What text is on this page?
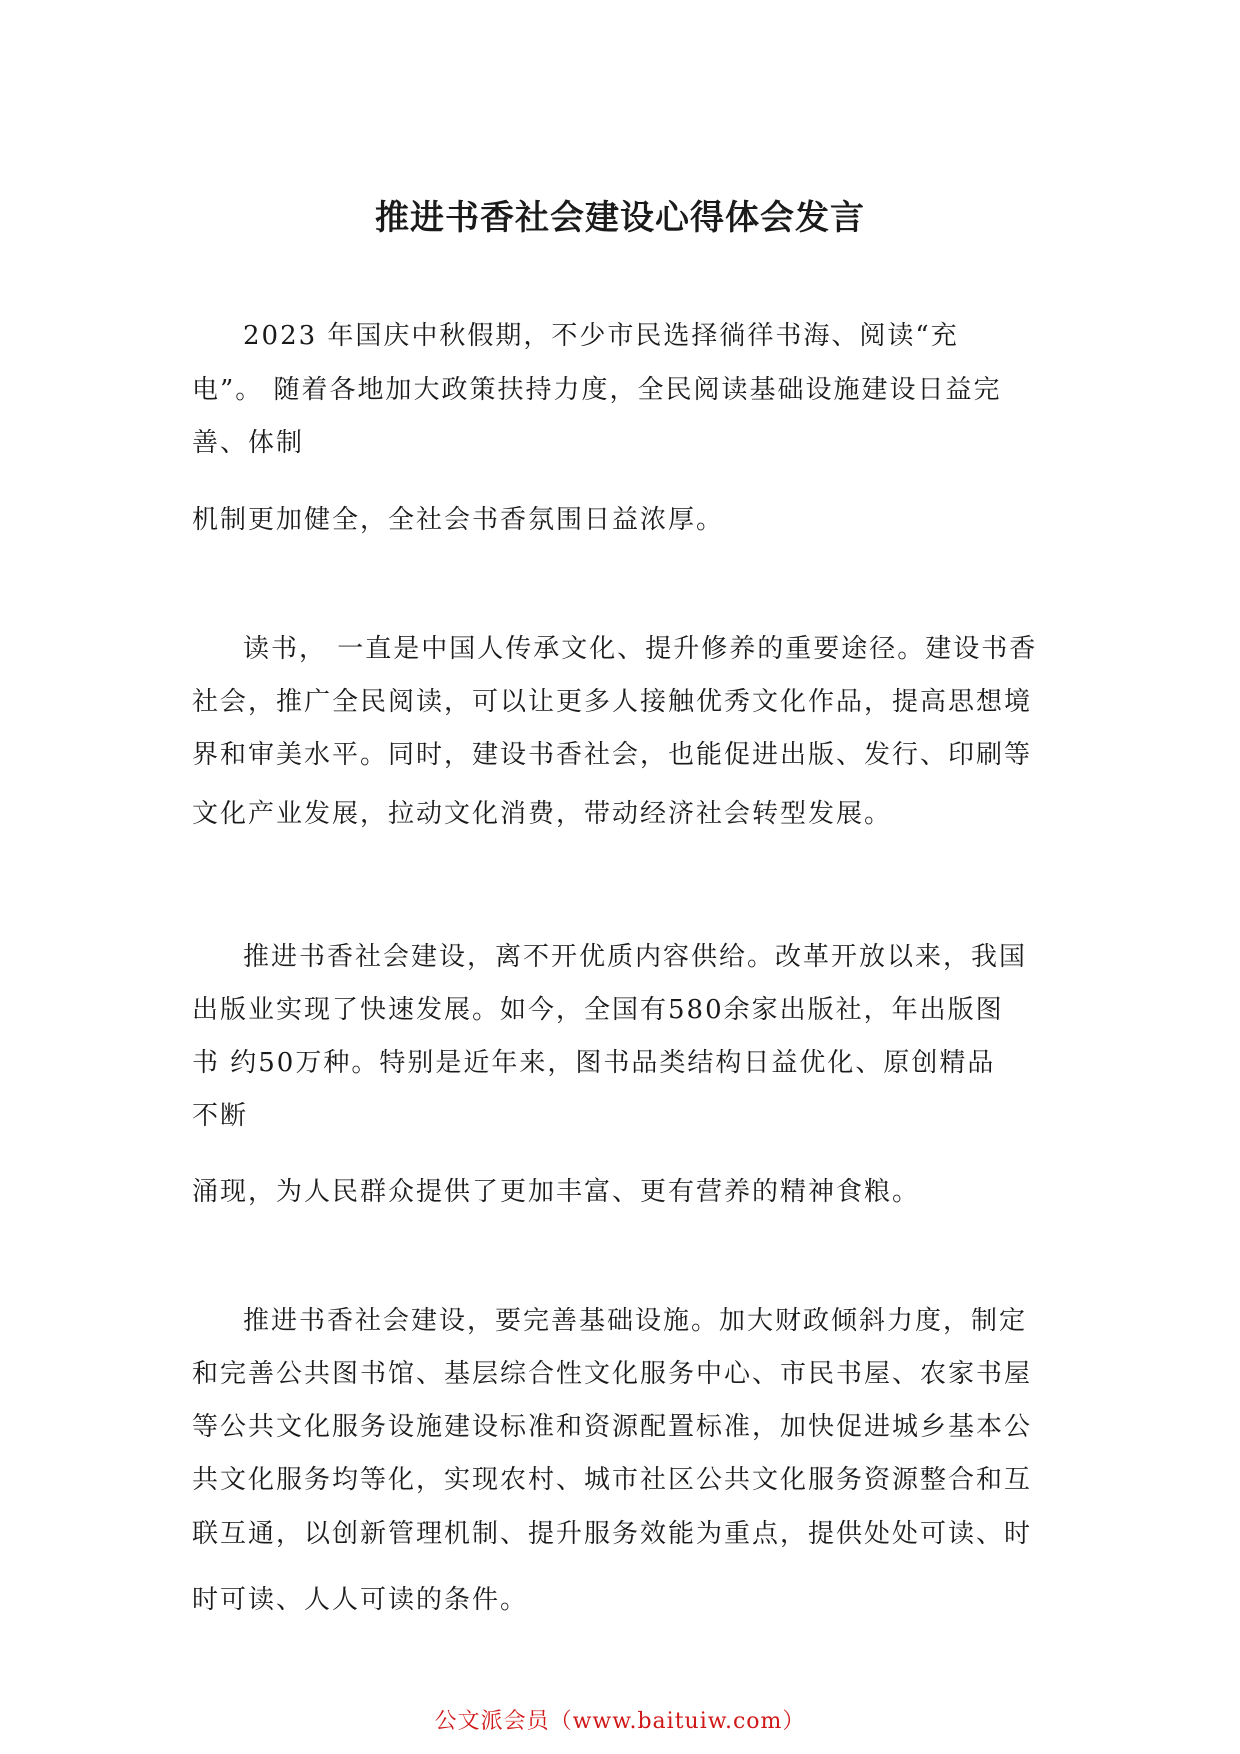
推进书香社会建设心得体会发言
2023 年国庆中秋假期，不少市民选择徜徉书海、阅读“充
电”。 随着各地加大政策扶持力度，全民阅读基础设施建设日益完
善、体制
机制更加健全，全社会书香氛围日益浓厚。
读书， 一直是中国人传承文化、提升修养的重要途径。建设书香
社会，推广全民阅读，可以让更多人接触优秀文化作品，提高思想境
界和审美水平。同时，建设书香社会，也能促进出版、发行、印刷等
文化产业发展，拉动文化消费，带动经济社会转型发展。
推进书香社会建设，离不开优质内容供给。改革开放以来，我国
出版业实现了快速发展。如今，全国有580余家出版社，年出版图
书 约50万种。特别是近年来，图书品类结构日益优化、原创精品
不断
涌现，为人民群众提供了更加丰富、更有营养的精神食粮。
推进书香社会建设，要完善基础设施。加大财政倾斜力度，制定
和完善公共图书馆、基层综合性文化服务中心、市民书屋、农家书屋
等公共文化服务设施建设标准和资源配置标准，加快促进城乡基本公
共文化服务均等化，实现农村、城市社区公共文化服务资源整合和互
联互通，以创新管理机制、提升服务效能为重点，提供处处可读、时
时可读、人人可读的条件。
公文派会员（www.baituiw.com）
